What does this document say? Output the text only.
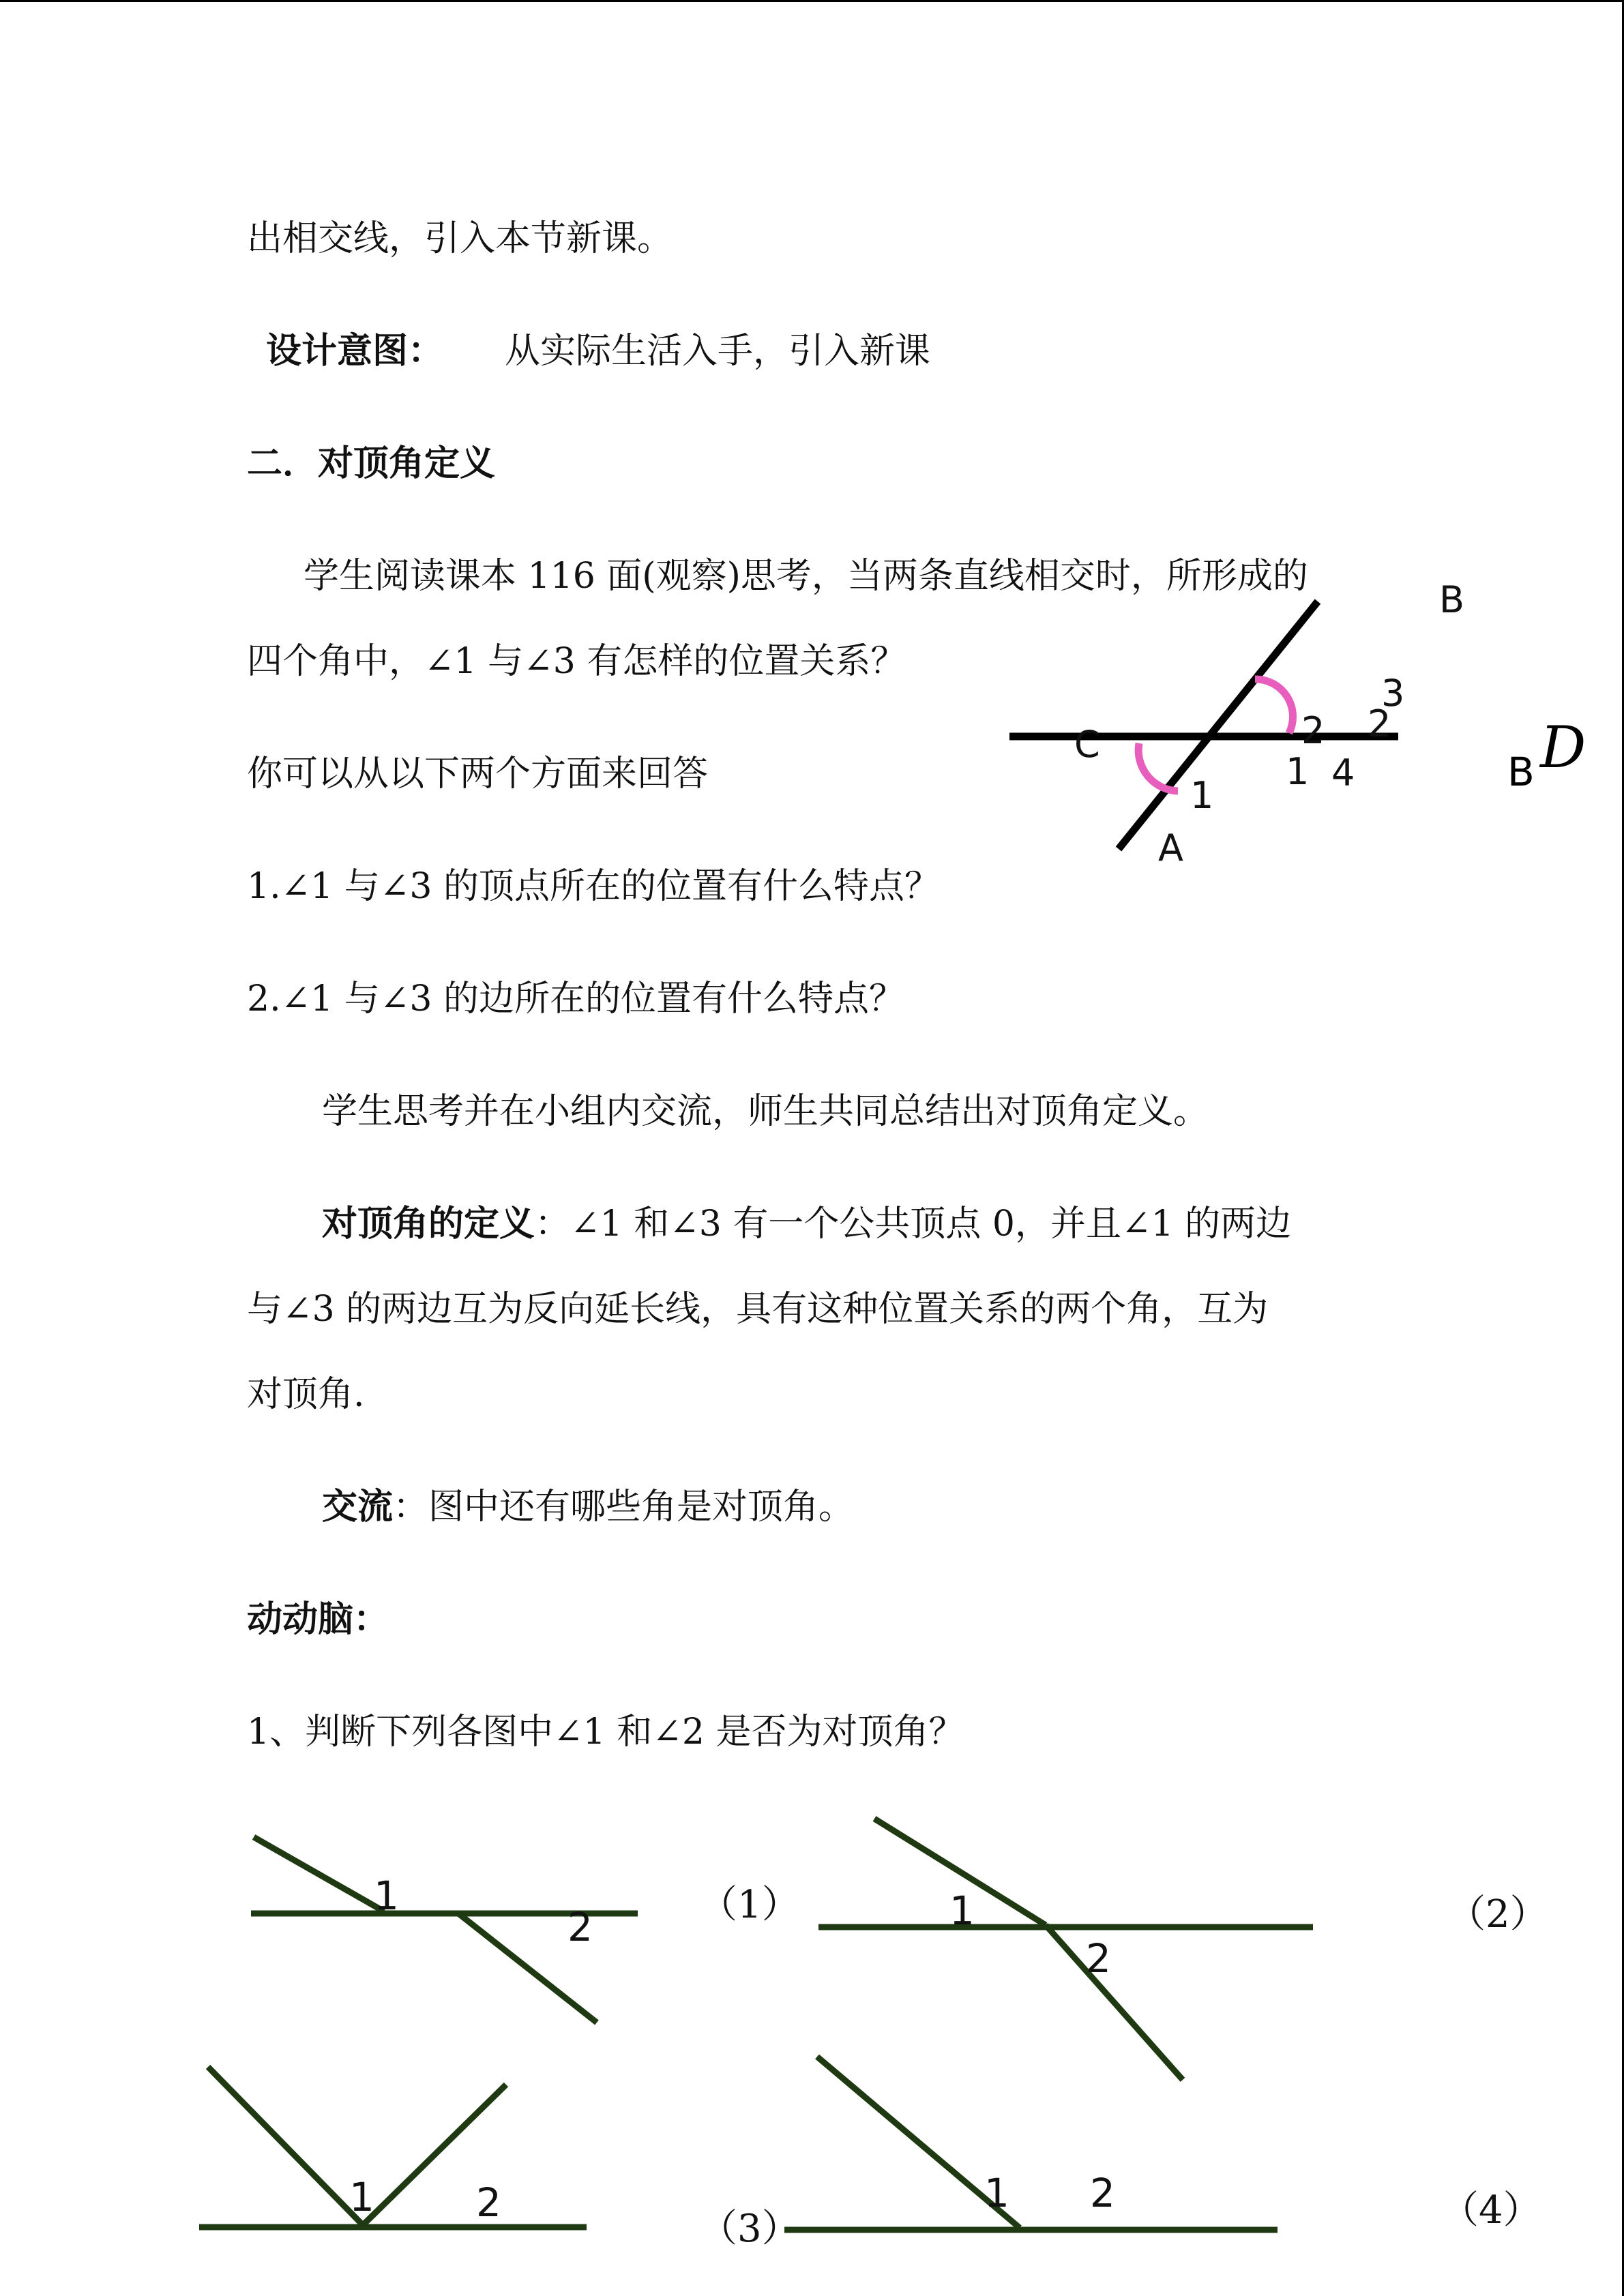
出相交线，引入本节新课。
设计意图： 从实际生活入手，引入新课
二．对顶角定义
学生阅读课本 116 面(观察)思考，当两条直线相交时，所形成的
四个角中，∠1 与∠3 有怎样的位置关系？
你可以从以下两个方面来回答
1.∠1 与∠3 的顶点所在的位置有什么特点？
2.∠1 与∠3 的边所在的位置有什么特点？
学生思考并在小组内交流，师生共同总结出对顶角定义。
对顶角的定义：∠1 和∠3 有一个公共顶点 0，并且∠1 的两边
与∠3 的两边互为反向延长线，具有这种位置关系的两个角，互为
对顶角.
交流：图中还有哪些角是对顶角。
动动脑：
1、判断下列各图中∠1 和∠2 是否为对顶角？
B
C
A
1
2
3
2
1 4	B D
1
2	1
2
1	2	1 2
（1）	（2）
（3）	（4）
